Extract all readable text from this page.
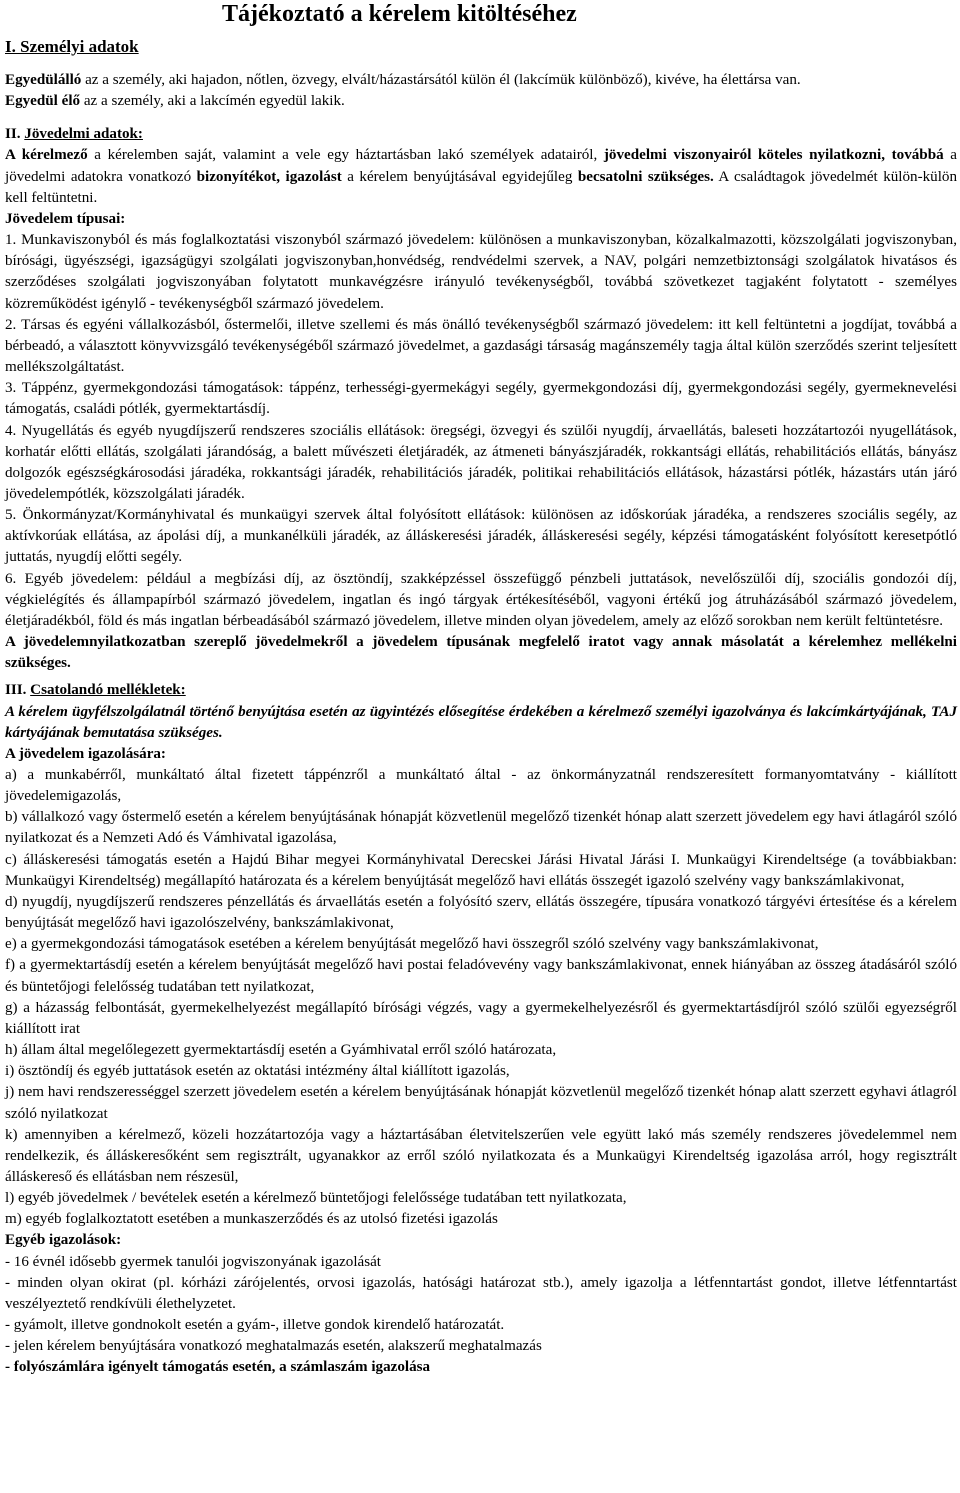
Tájékoztató a kérelem kitöltéséhez
I. Személyi adatok

Egyedülálló az a személy, aki hajadon, nőtlen, özvegy, elvált/házastársától külön él (lakcímük különböző), kivéve, ha élettársa van.

Egyedül élő az a személy, aki a lakcímén egyedül lakik.

II. Jövedelmi adatok:

A kérelmező a kérelemben saját, valamint a vele egy háztartásban lakó személyek adatairól, jövedelmi viszonyairól köteles nyilatkozni, továbbá a jövedelmi adatokra vonatkozó bizonyítékot, igazolást a kérelem benyújtásával egyidejűleg becsatolni szükséges. A családtagok jövedelmét külön-külön kell feltüntetni.

Jövedelem típusai:

1. Munkaviszonyból és más foglalkoztatási viszonyból származó jövedelem: különösen a munkaviszonyban, közalkalmazotti, közszolgálati jogviszonyban, bírósági, ügyészségi, igazságügyi szolgálati jogviszonyban,honvédség, rendvédelmi szervek, a NAV, polgári nemzetbiztonsági szolgálatok hivatásos és szerződéses szolgálati jogviszonyában folytatott munkavégzésre irányuló tevékenységből, továbbá szövetkezet tagjaként folytatott - személyes közreműködést igénylő - tevékenységből származó jövedelem.

2. Társas és egyéni vállalkozásból, őstermelői, illetve szellemi és más önálló tevékenységből származó jövedelem: itt kell feltüntetni a jogdíjat, továbbá a bérbeadó, a választott könyvvizsgáló tevékenységéből származó jövedelmet, a gazdasági társaság magánszemély tagja által külön szerződés szerint teljesített mellékszolgáltatást.

3. Táppénz, gyermekgondozási támogatások: táppénz, terhességi-gyermekágyi segély, gyermekgondozási díj, gyermekgondozási segély, gyermeknevelési támogatás, családi pótlék, gyermektartásdíj.

4. Nyugellátás és egyéb nyugdíjszerű rendszeres szociális ellátások: öregségi, özvegyi és szülői nyugdíj, árvaellátás, baleseti hozzátartozói nyugellátások, korhatár előtti ellátás, szolgálati járandóság, a balett művészeti életjáradék, az átmeneti bányászjáradék, rokkantsági ellátás, rehabilitációs ellátás, bányász dolgozók egészségkárosodási járadéka, rokkantsági járadék, rehabilitációs járadék, politikai rehabilitációs ellátások, házastársi pótlék, házastárs után járó jövedelempótlék, közszolgálati járadék.

5. Önkormányzat/Kormányhivatal és munkaügyi szervek által folyósított ellátások: különösen az időskorúak járadéka, a rendszeres szociális segély, az aktívkorúak ellátása, az ápolási díj, a munkanélküli járadék, az álláskeresési járadék, álláskeresési segély, képzési támogatásként folyósított keresetpótló juttatás, nyugdíj előtti segély.

6. Egyéb jövedelem: például a megbízási díj, az ösztöndíj, szakképzéssel összefüggő pénzbeli juttatások, nevelőszülői díj, szociális gondozói díj, végkielégítés és állampapírból származó jövedelem, ingatlan és ingó tárgyak értékesítéséből, vagyoni értékű jog átruházásából származó jövedelem, életjáradékból, föld és más ingatlan bérbeadásából származó jövedelem, illetve minden olyan jövedelem, amely az előző sorokban nem került feltüntetésre.

A jövedelemnyilatkozatban szereplő jövedelmekről a jövedelem típusának megfelelő iratot vagy annak másolatát a kérelemhez mellékelni szükséges.

III. Csatolandó mellékletek:

A kérelem ügyfélszolgálatnál történő benyújtása esetén az ügyintézés elősegítése érdekében a kérelmező személyi igazolványa és lakcímkártyájának, TAJ kártyájának bemutatása szükséges.

A jövedelem igazolására:

a) a munkabérről, munkáltató által fizetett táppénzről a munkáltató által - az önkormányzatnál rendszeresített formanyomtatvány - kiállított jövedelemigazolás,

b) vállalkozó vagy őstermelő esetén a kérelem benyújtásának hónapját közvetlenül megelőző tizenkét hónap alatt szerzett jövedelem egy havi átlagáról szóló nyilatkozat és a Nemzeti Adó és Vámhivatal igazolása,

c) álláskeresési támogatás esetén a Hajdú Bihar megyei Kormányhivatal Derecskei Járási Hivatal Járási I. Munkaügyi Kirendeltsége (a továbbiakban: Munkaügyi Kirendeltség) megállapító határozata és a kérelem benyújtását megelőző havi ellátás összegét igazoló szelvény vagy bankszámlakivonat,

d) nyugdíj, nyugdíjszerű rendszeres pénzellátás és árvaellátás esetén a folyósító szerv, ellátás összegére, típusára vonatkozó tárgyévi értesítése és a kérelem benyújtását megelőző havi igazolószelvény, bankszámlakivonat,

e) a gyermekgondozási támogatások esetében a kérelem benyújtását megelőző havi összegről szóló szelvény vagy bankszámlakivonat,

f) a gyermektartásdíj esetén a kérelem benyújtását megelőző havi postai feladóvevény vagy bankszámlakivonat, ennek hiányában az összeg átadásáról szóló és büntetőjogi felelősség tudatában tett nyilatkozat,

g) a házasság felbontását, gyermekelhelyezést megállapító bírósági végzés, vagy a gyermekelhelyezésről és gyermektartásdíjról szóló szülői egyezségről kiállított irat

h) állam által megelőlegezett gyermektartásdíj esetén a Gyámhivatal erről szóló határozata,

i) ösztöndíj és egyéb juttatások esetén az oktatási intézmény által kiállított igazolás,

j) nem havi rendszerességgel szerzett jövedelem esetén a kérelem benyújtásának hónapját közvetlenül megelőző tizenkét hónap alatt szerzett egyhavi átlagról szóló nyilatkozat

k) amennyiben a kérelmező, közeli hozzátartozója vagy a háztartásában életvitelszerűen vele együtt lakó más személy rendszeres jövedelemmel nem rendelkezik, és álláskeresőként sem regisztrált, ugyanakkor az erről szóló nyilatkozata és a Munkaügyi Kirendeltség igazolása arról, hogy regisztrált álláskereső és ellátásban nem részesül,

l) egyéb jövedelmek / bevételek esetén a kérelmező büntetőjogi felelőssége tudatában tett nyilatkozata,

m) egyéb foglalkoztatott esetében a munkaszerződés és az utolsó fizetési igazolás

Egyéb igazolások:

- 16 évnél idősebb gyermek tanulói jogviszonyának igazolását

- minden olyan okirat (pl. kórházi zárójelentés, orvosi igazolás, hatósági határozat stb.), amely igazolja a létfenntartást gondot, illetve létfenntartást veszélyeztető rendkívüli élethelyzetet.

- gyámolt, illetve gondnokolt esetén a gyám-, illetve gondok kirendelő határozatát.

- jelen kérelem benyújtására vonatkozó meghatalmazás esetén, alakszerű meghatalmazás

- folyószámlára igényelt támogatás esetén, a számlaszám igazolása
